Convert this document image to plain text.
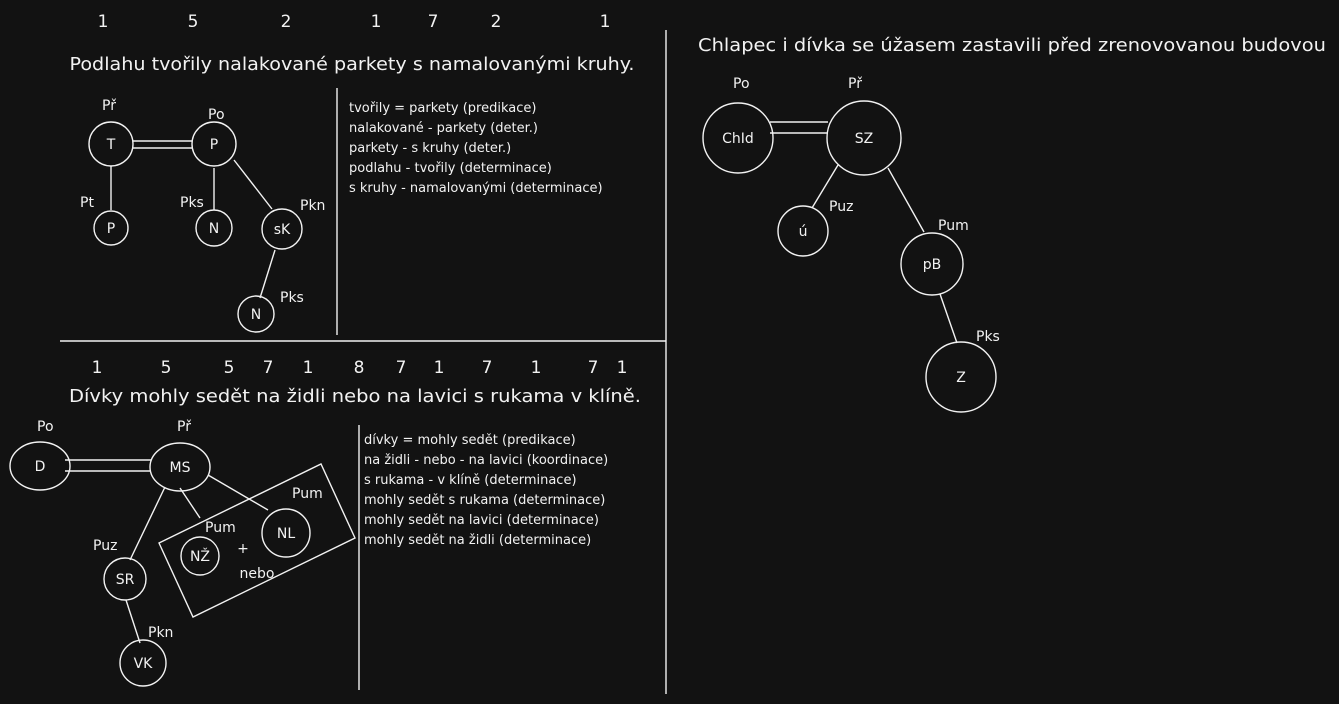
1	5	2	1	7	2	1
Podlahu tvořily nalakované parkety s namalovanými kruhy.
T	P
P	N	sK
N
Př
Po
Pt	Pks	Pkn
Pks
tvořily = parkety (predikace)
nalakované - parkety (deter.)
parkety - s kruhy (deter.)
podlahu - tvořily (determinace)
s kruhy - namalovanými (determinace)
1	5	5 7 1 8 7 1 7 1	7 1
Dívky mohly sedět na židli nebo na lavici s rukama v klíně.
D	MS
SR
VK
NŽ
NL
+
nebo
Po	Př
Puz
Pkn
Pum
Pum
dívky = mohly sedět (predikace)
na židli - nebo - na lavici (koordinace)
s rukama - v klíně (determinace)
mohly sedět s rukama (determinace)
mohly sedět na lavici (determinace)
mohly sedět na židli (determinace)
Chlapec i dívka se úžasem zastavili před zrenovovanou budovou
ChId	SZ
ú
pB
Z
Po	Př
Puz
Pum
Pks
